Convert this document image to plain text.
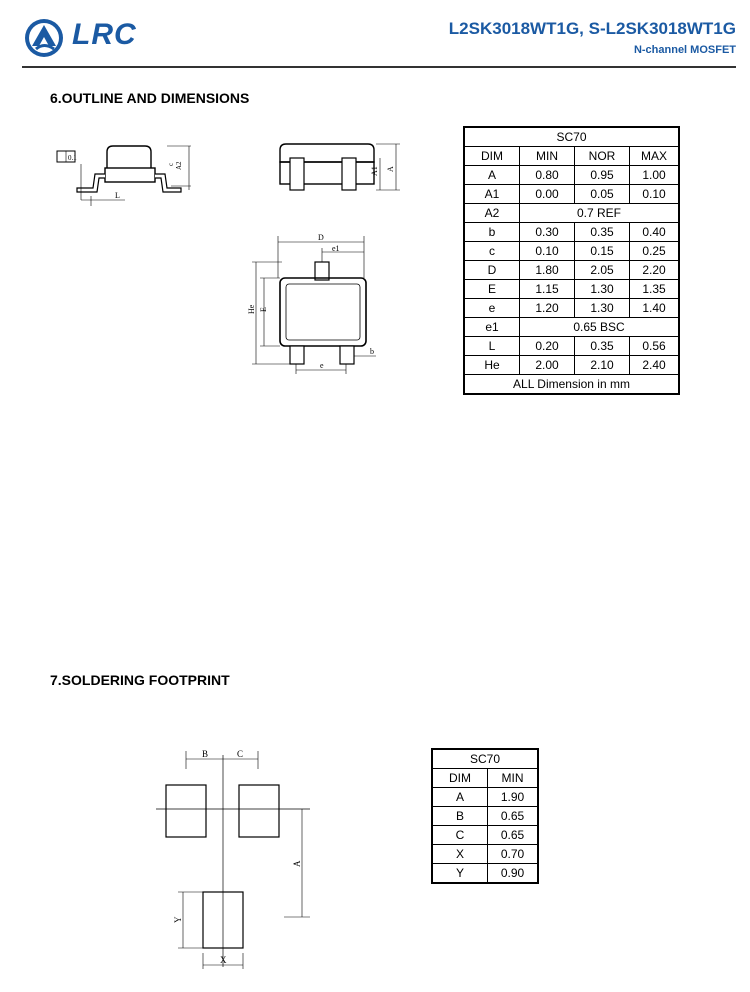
LRC	L2SK3018WT1G, S-L2SK3018WT1G
N-channel MOSFET
6.OUTLINE AND DIMENSIONS
0.1
L
A2
c
A1 A
D
e1
He E
e
b
SC70			
DIM	MIN	NOR	MAX
A	0.80	0.95	1.00
A1	0.00	0.05	0.10
A2	0.7 REF		
b	0.30	0.35	0.40
c	0.10	0.15	0.25
D	1.80	2.05	2.20
E	1.15	1.30	1.35
e	1.20	1.30	1.40
e1	0.65 BSC		
L	0.20	0.35	0.56
He	2.00	2.10	2.40
ALL Dimension in mm			
7.SOLDERING FOOTPRINT
B	C
A
Y
X
SC70	
DIM	MIN
A	1.90
B	0.65
C	0.65
X	0.70
Y	0.90
